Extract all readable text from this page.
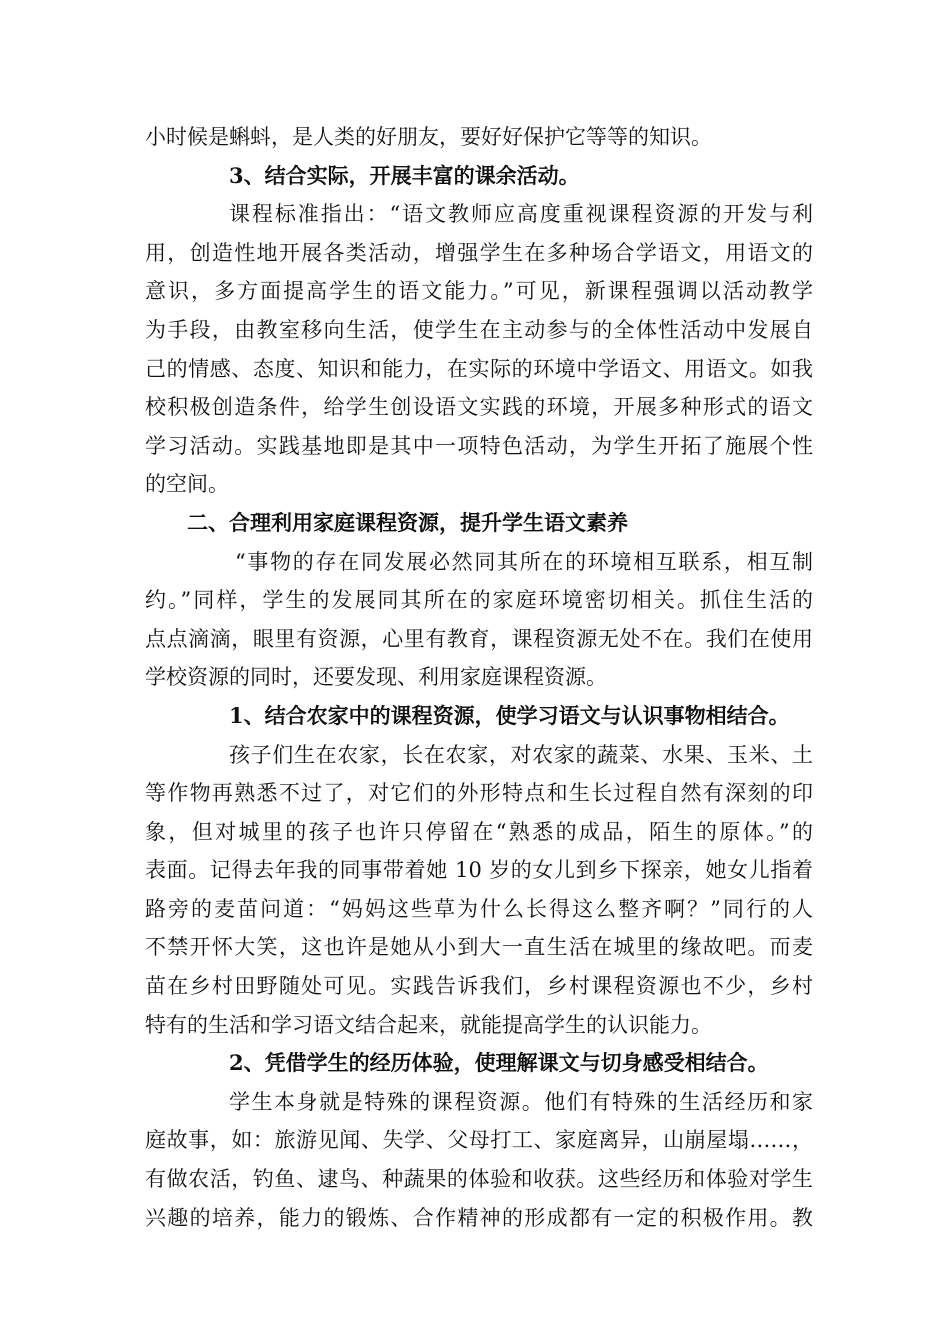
小时候是蝌蚪，是人类的好朋友，要好好保护它等等的知识。
3、结合实际，开展丰富的课余活动。
课程标准指出：“语文教师应高度重视课程资源的开发与利
用，创造性地开展各类活动，增强学生在多种场合学语文，用语文的
意识，多方面提高学生的语文能力。”可见，新课程强调以活动教学
为手段，由教室移向生活，使学生在主动参与的全体性活动中发展自
己的情感、态度、知识和能力，在实际的环境中学语文、用语文。如我
校积极创造条件，给学生创设语文实践的环境，开展多种形式的语文
学习活动。实践基地即是其中一项特色活动，为学生开拓了施展个性
的空间。
二、合理利用家庭课程资源，提升学生语文素养
“事物的存在同发展必然同其所在的环境相互联系，相互制
约。”同样，学生的发展同其所在的家庭环境密切相关。抓住生活的
点点滴滴，眼里有资源，心里有教育，课程资源无处不在。我们在使用
学校资源的同时，还要发现、利用家庭课程资源。
1、结合农家中的课程资源，使学习语文与认识事物相结合。
孩子们生在农家，长在农家，对农家的蔬菜、水果、玉米、土
等作物再熟悉不过了，对它们的外形特点和生长过程自然有深刻的印
象，但对城里的孩子也许只停留在“熟悉的成品，陌生的原体。”的
表面。记得去年我的同事带着她 10 岁的女儿到乡下探亲，她女儿指着
路旁的麦苗问道：“妈妈这些草为什么长得这么整齐啊？”同行的人
不禁开怀大笑，这也许是她从小到大一直生活在城里的缘故吧。而麦
苗在乡村田野随处可见。实践告诉我们，乡村课程资源也不少，乡村
特有的生活和学习语文结合起来，就能提高学生的认识能力。
2、凭借学生的经历体验，使理解课文与切身感受相结合。
学生本身就是特殊的课程资源。他们有特殊的生活经历和家
庭故事，如：旅游见闻、失学、父母打工、家庭离异，山崩屋塌……，
有做农活，钓鱼、逮鸟、种蔬果的体验和收获。这些经历和体验对学生
兴趣的培养，能力的锻炼、合作精神的形成都有一定的积极作用。教
